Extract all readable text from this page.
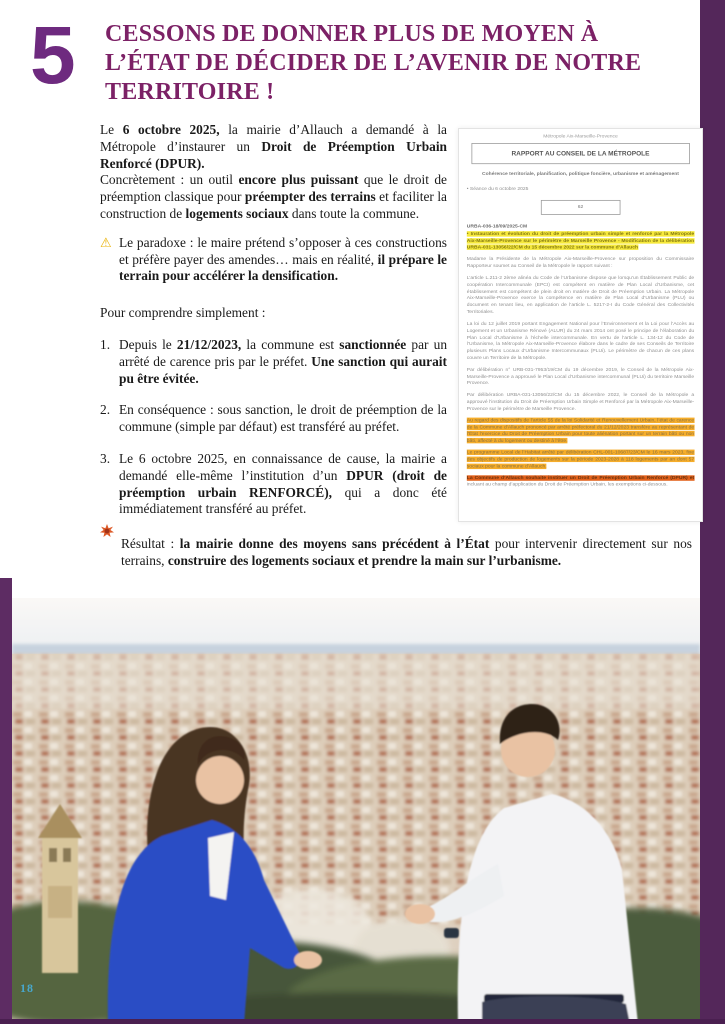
5 CESSONS DE DONNER PLUS DE MOYEN À
L’ÉTAT DE DÉCIDER DE L’AVENIR DE NOTRE
TERRITOIRE !

Le 6 octobre 2025, la mairie d’Allauch a demandé à la Métropole d’instaurer un Droit de Préemption Urbain Renforcé (DPUR).

Concrètement : un outil encore plus puissant que le droit de préemption classique pour préempter des terrains et faciliter la construction de logements sociaux dans toute la commune.

⚠ Le paradoxe : le maire prétend s’opposer à ces constructions et préfère payer des amendes… mais en réalité, il prépare le terrain pour accélérer la densification.

Pour comprendre simplement :

1. Depuis le 21/12/2023, la commune est sanctionnée par un arrêté de carence pris par le préfet. Une sanction qui aurait pu être évitée.

2. En conséquence : sous sanction, le droit de préemption de la commune (simple par défaut) est transféré au préfet.

3. Le 6 octobre 2025, en connaissance de cause, la mairie a demandé elle-même l’institution d’un DPUR (droit de préemption urbain RENFORCÉ), qui a donc été immédiatement transféré au préfet.

Métropole Aix-Marseille-Provence

RAPPORT AU CONSEIL DE LA MÉTROPOLE

Cohérence territoriale, planification, politique foncière, urbanisme et aménagement

• Séance du 6 octobre 2025

62

URBA-036-18/09/2025-CM

• Instauration et évolution du droit de préemption urbain simple et renforcé par la Métropole Aix-Marseille-Provence sur le périmètre de Marseille Provence - Modification de la délibération URBA-031-13056/22/CM du 15 décembre 2022 sur la commune d’Allauch

Madame la Présidente de la Métropole Aix-Marseille-Provence sur proposition du Commissaire Rapporteur soumet au Conseil de la Métropole le rapport suivant :

L’article L.211-2 2ème alinéa du Code de l’Urbanisme dispose que lorsqu’un Établissement Public de coopération Intercommunale (EPCI) est compétent en matière de Plan Local d’Urbanisme, cet établissement est compétent de plein droit en matière de Droit de Préemption Urbain. La Métropole Aix-Marseille-Provence exerce la compétence en matière de Plan Local d’Urbanisme (PLU) ou document en tenant lieu, en application de l’article L. 5217-2-I du Code Général des Collectivités Territoriales.

La loi du 12 juillet 2019 portant Engagement National pour l’Environnement et la Loi pour l’Accès au Logement et un Urbanisme Rénové (ALUR) du 24 mars 2014 ont posé le principe de l’élaboration du Plan Local d’Urbanisme à l’échelle intercommunale. En vertu de l’article L. 134-12 du Code de l’Urbanisme, la Métropole Aix-Marseille-Provence élabore dans le cadre de ses Conseils de Territoire plusieurs Plans Locaux d’Urbanisme Intercommunaux (PLUi). Le périmètre de chacun de ces plans couvre un Territoire de la Métropole.

Par délibération n° URB-031-7953/19/CM du 19 décembre 2019, le Conseil de la Métropole Aix-Marseille-Provence a approuvé le Plan Local d’Urbanisme intercommunal (PLUi) du territoire Marseille Provence.

Par délibération URBA-031-13056/22/CM du 15 décembre 2022, le Conseil de la Métropole a approuvé l’institution du Droit de Préemption Urbain Simple et Renforcé par la Métropole Aix-Marseille-Provence sur le périmètre de Marseille Provence.

Au regard des dispositifs de l’article 55 de la loi Solidarité et Renouvellement Urbain, l’état de carence de la Commune d’Allauch prononcé par arrêté préfectoral du 21/12/2023 transfère au représentant de l’État l’exercice du Droit de Préemption Urbain pour toute aliénation portant sur un terrain bâti ou non bâti, affecté à du logement ou destiné à l’être.

Le programme Local de l’Habitat arrêté par délibération CHL-001-10687/23/CM le 16 mars 2023, fixe des objectifs de production de logements sur la période 2023-2028 à 118 logements par an dont 57 sociaux pour la commune d’Allauch.

La Commune d’Allauch souhaite instituer un Droit de Préemption Urbain Renforcé (DPUR) et incluant au champ d’application du Droit de Préemption Urbain, les exemptions ci-dessous.

Résultat : la mairie donne des moyens sans précédent à l’État pour intervenir directement sur nos terrains, construire des logements sociaux et prendre la main sur l’urbanisme.

18
